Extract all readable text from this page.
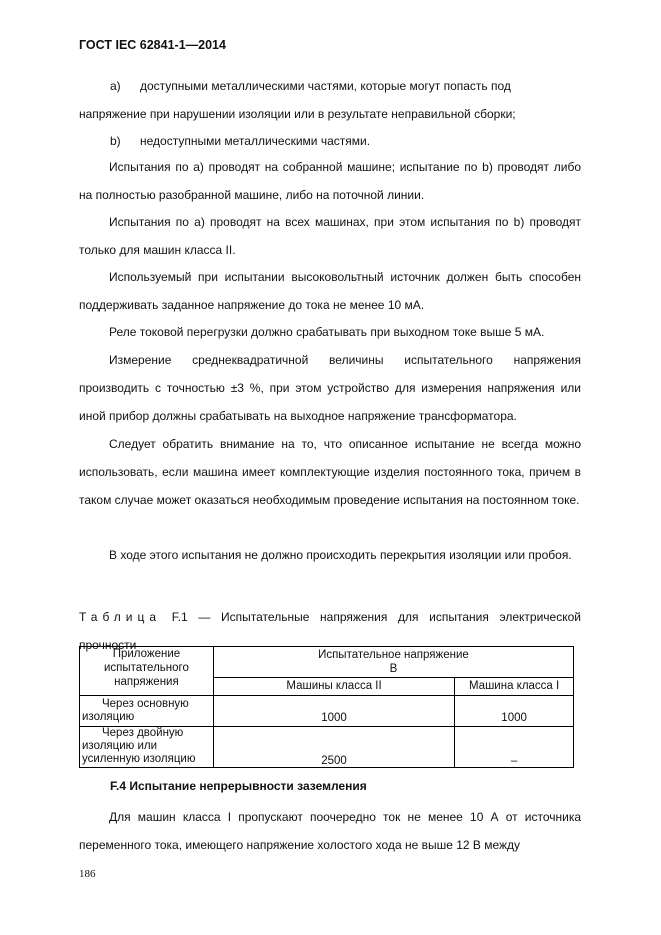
ГОСТ IEC 62841-1—2014
а) доступными металлическими частями, которые могут попасть под
напряжение при нарушении изоляции или в результате неправильной сборки;
b) недоступными металлическими частями.
Испытания по а) проводят на собранной машине; испытание по b) проводят либо на полностью разобранной машине, либо на поточной линии.
Испытания по а) проводят на всех машинах, при этом испытания по b) проводят только для машин класса II.
Используемый при испытании высоковольтный источник должен быть способен поддерживать заданное напряжение до тока не менее 10 мА.
Реле токовой перегрузки должно срабатывать при выходном токе выше 5 мА.
Измерение среднеквадратичной величины испытательного напряжения производить с точностью ±3 %, при этом устройство для измерения напряжения или иной прибор должны срабатывать на выходное напряжение трансформатора.
Следует обратить внимание на то, что описанное испытание не всегда можно использовать, если машина имеет комплектующие изделия постоянного тока, причем в таком случае может оказаться необходимым проведение испытания на постоянном токе.
В ходе этого испытания не должно происходить перекрытия изоляции или пробоя.
Таблица F.1 — Испытательные напряжения для испытания электрической прочности
Приложение испытательного напряжения	Испытательное напряжение
В	
	Машины класса II	Машина класса I
Через основную изоляцию	1000	1000
Через двойную изоляцию или усиленную изоляцию	2500	–
F.4 Испытание непрерывности заземления
Для машин класса I пропускают поочередно ток не менее 10 А от источника переменного тока, имеющего напряжение холостого хода не выше 12 В между
186
